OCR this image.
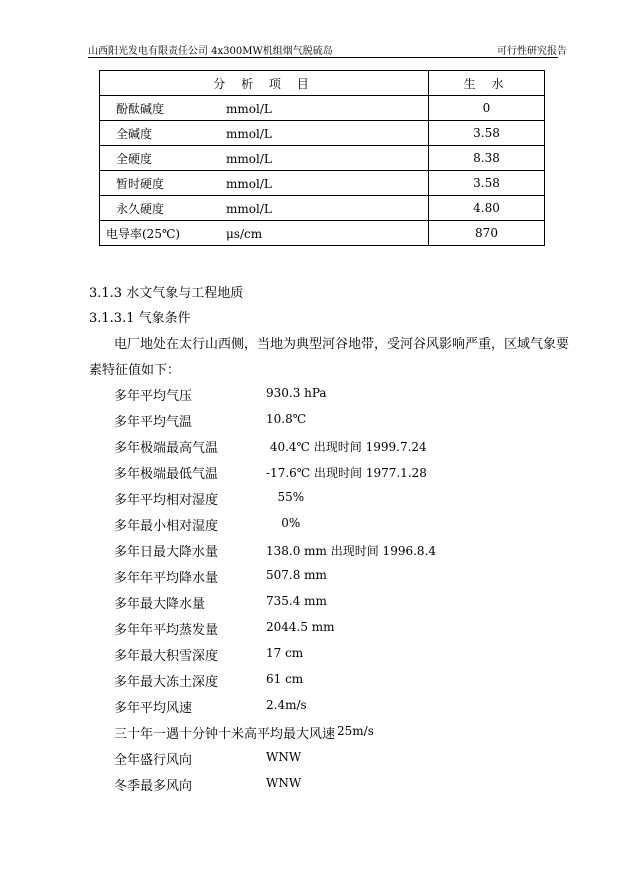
山西阳光发电有限责任公司 4x300MW机组烟气脱硫岛	可行性研究报告
分 析 项 目	生 水
酚酞碱度 mmol/L	0
全碱度 mmol/L	3.58
全硬度 mmol/L	8.38
暂时硬度 mmol/L	3.58
永久硬度 mmol/L	4.80
电导率(25℃) μs/cm	870
3.1.3 水文气象与工程地质
3.1.3.1 气象条件
电厂地处在太行山西侧，当地为典型河谷地带，受河谷风影响严重，区域气象要
素特征值如下：
多年平均气压	930.3 hPa
多年平均气温	10.8℃
多年极端最高气温	40.4℃ 出现时间 1999.7.24
多年极端最低气温	-17.6℃ 出现时间 1977.1.28
多年平均相对湿度	55%
多年最小相对湿度	0%
多年日最大降水量	138.0 mm 出现时间 1996.8.4
多年年平均降水量	507.8 mm
多年最大降水量	735.4 mm
多年年平均蒸发量	2044.5 mm
多年最大积雪深度	17 cm
多年最大冻土深度	61 cm
多年平均风速	2.4m/s
三十年一遇十分钟十米高平均最大风速 25m/s
全年盛行风向	WNW
冬季最多风向	WNW
